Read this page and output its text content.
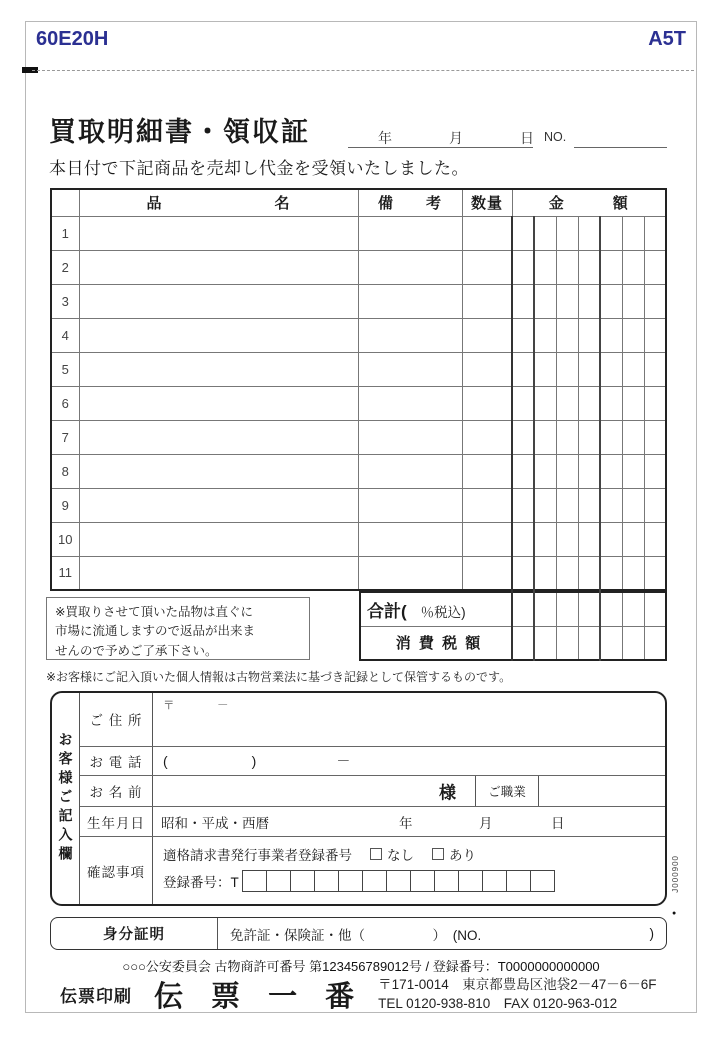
60E20H	A5T
買取明細書・領収証	年	月	日 NO.
本日付で下記商品を売却し代金を受領いたしました。
	品　　　　　　　名	備　　考	数量	金　　　額						
1										
2										
3										
4										
5										
6										
7										
8										
9										
10										
11										
合計( ％税込)							
消 費 税 額							
※買取りさせて頂いた品物は直ぐに
市場に流通しますので返品が出来ま
せんので予めご了承下さい。
※お客様にご記入頂いた個人情報は古物営業法に基づき記録として保管するものです。
お客様ご記入欄
ご 住 所
〒　　　－
お 電 話	(　　　　　　)	－
お 名 前	様	ご職業
生年月日	昭和・平成・西暦	年	月	日
確認事項
適格請求書発行事業者登録番号	なし	あり
登録番号：T
身分証明	免許証・保険証・他（　　　　　）　(NO.	)
J000900
●
○○○公安委員会 古物商許可番号 第123456789012号 / 登録番号：T0000000000000
伝票印刷 伝 票 一 番 〒171-0014　東京都豊島区池袋2－47－6－6F
TEL 0120-938-810　FAX 0120-963-012
